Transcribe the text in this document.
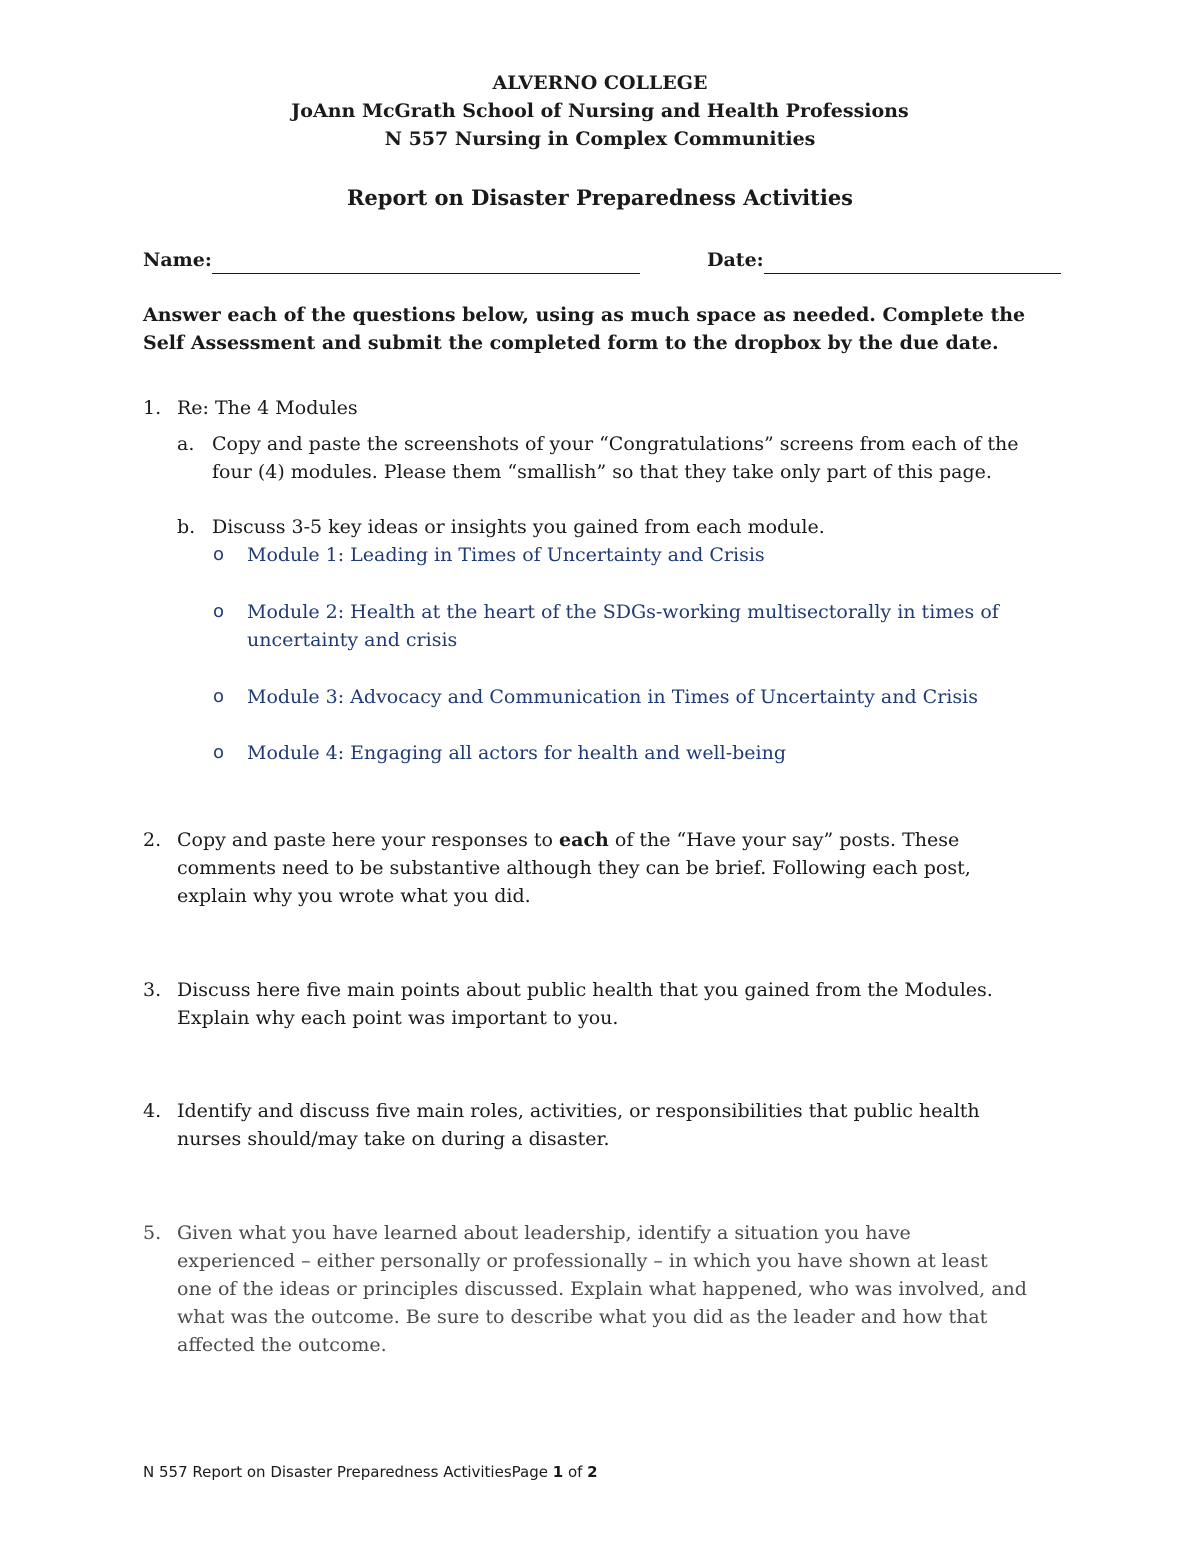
ALVERNO COLLEGE
JoAnn McGrath School of Nursing and Health Professions
N 557 Nursing in Complex Communities
Report on Disaster Preparedness Activities
Name:	Date:
Answer each of the questions below, using as much space as needed. Complete the
Self Assessment and submit the completed form to the dropbox by the due date.
1. Re: The 4 Modules
a. Copy and paste the screenshots of your “Congratulations” screens from each of the
four (4) modules. Please them “smallish” so that they take only part of this page.
b. Discuss 3-5 key ideas or insights you gained from each module.
o Module 1: Leading in Times of Uncertainty and Crisis
o Module 2: Health at the heart of the SDGs-working multisectorally in times of
uncertainty and crisis
o Module 3: Advocacy and Communication in Times of Uncertainty and Crisis
o Module 4: Engaging all actors for health and well-being
2. Copy and paste here your responses to each of the “Have your say” posts. These
comments need to be substantive although they can be brief. Following each post,
explain why you wrote what you did.
3. Discuss here five main points about public health that you gained from the Modules.
Explain why each point was important to you.
4. Identify and discuss five main roles, activities, or responsibilities that public health
nurses should/may take on during a disaster.
5. Given what you have learned about leadership, identify a situation you have
experienced – either personally or professionally – in which you have shown at least
one of the ideas or principles discussed. Explain what happened, who was involved, and
what was the outcome. Be sure to describe what you did as the leader and how that
affected the outcome.
N 557 Report on Disaster Preparedness ActivitiesPage 1 of 2
